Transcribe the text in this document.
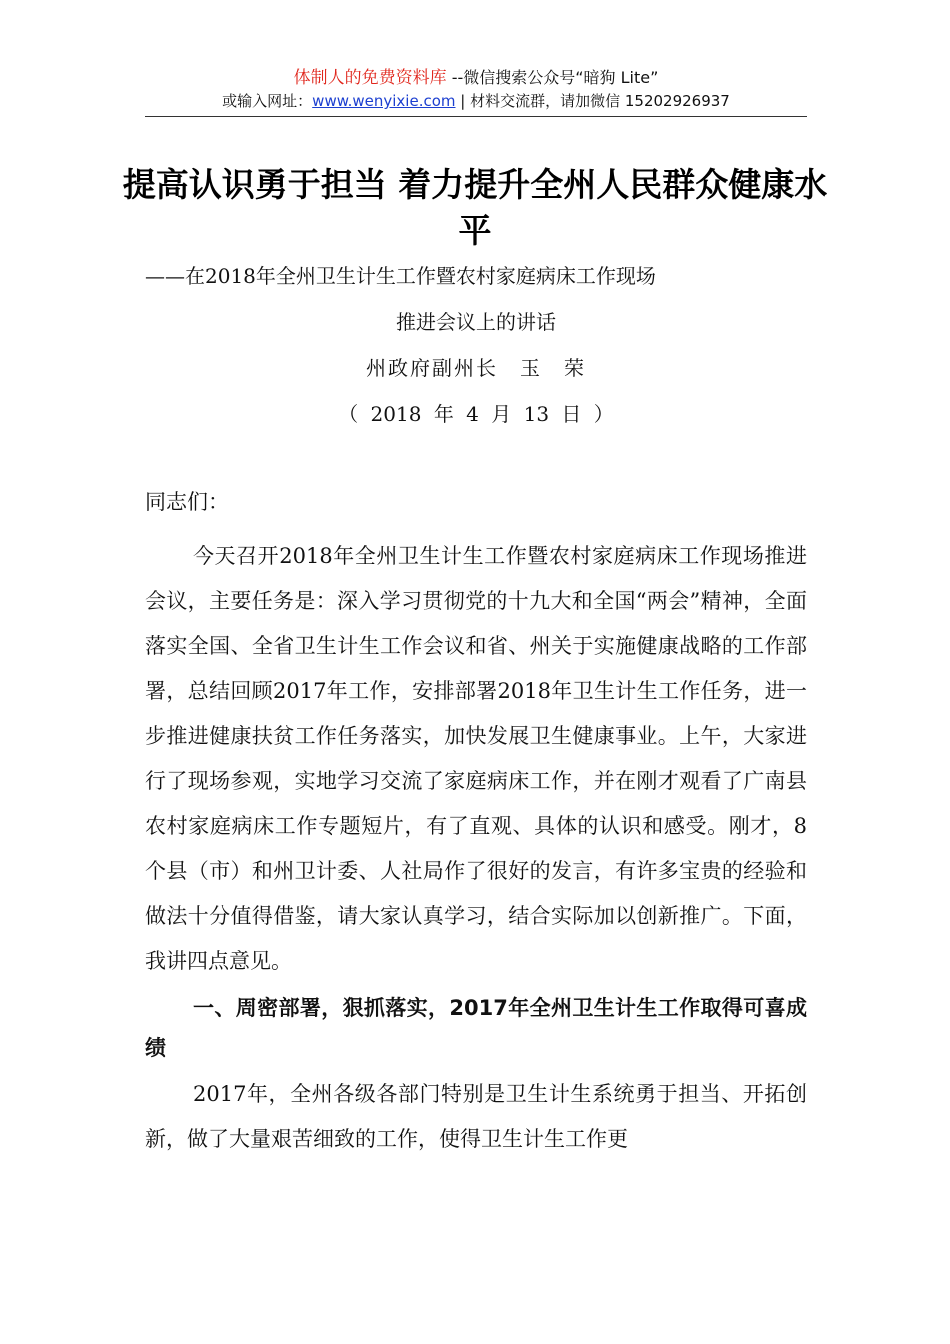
体制人的免费资料库 --微信搜索公众号“暗狗 Lite”
或输入网址：www.wenyixie.com | 材料交流群，请加微信 15202926937
提高认识勇于担当 着力提升全州人民群众健康水平
——在2018年全州卫生计生工作暨农村家庭病床工作现场
推进会议上的讲话
州政府副州长　玉　荣
（ 2018 年 4 月 13 日 ）
同志们：

今天召开2018年全州卫生计生工作暨农村家庭病床工作现场推进会议，主要任务是：深入学习贯彻党的十九大和全国“两会”精神，全面落实全国、全省卫生计生工作会议和省、州关于实施健康战略的工作部署，总结回顾2017年工作，安排部署2018年卫生计生工作任务，进一步推进健康扶贫工作任务落实，加快发展卫生健康事业。上午，大家进行了现场参观，实地学习交流了家庭病床工作，并在刚才观看了广南县农村家庭病床工作专题短片，有了直观、具体的认识和感受。刚才，8个县（市）和州卫计委、人社局作了很好的发言，有许多宝贵的经验和做法十分值得借鉴，请大家认真学习，结合实际加以创新推广。下面，我讲四点意见。

一、周密部署，狠抓落实，2017年全州卫生计生工作取得可喜成绩

2017年，全州各级各部门特别是卫生计生系统勇于担当、开拓创新，做了大量艰苦细致的工作，使得卫生计生工作更
